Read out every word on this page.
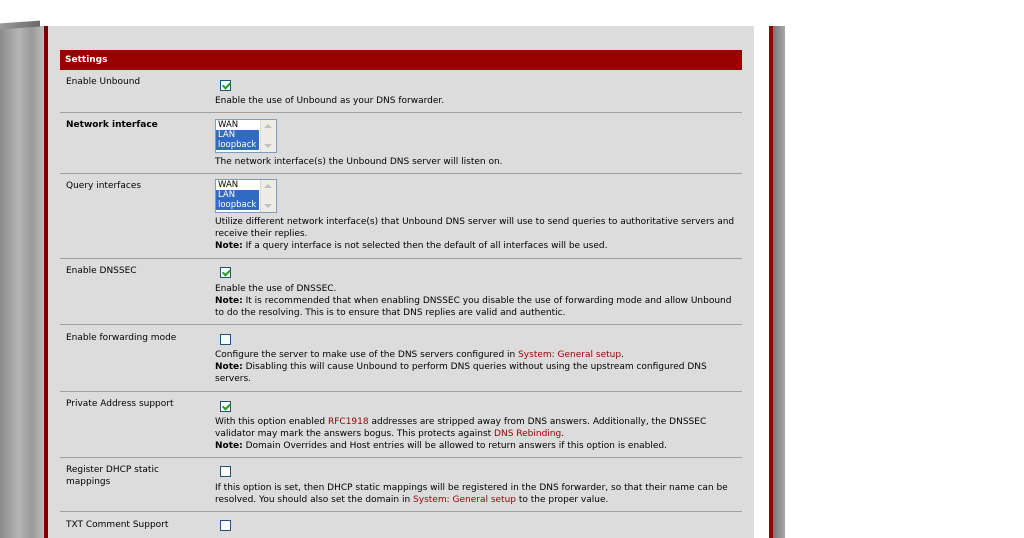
Settings
Enable Unbound
Enable the use of Unbound as your DNS forwarder.
Network interface	WAN
LAN
loopback
The network interface(s) the Unbound DNS server will listen on.
Query interfaces	WAN
LAN
loopback
Utilize different network interface(s) that Unbound DNS server will use to send queries to authoritative servers and receive their replies.
Note: If a query interface is not selected then the default of all interfaces will be used.
Enable DNSSEC
Enable the use of DNSSEC.
Note: It is recommended that when enabling DNSSEC you disable the use of forwarding mode and allow Unbound to do the resolving. This is to ensure that DNS replies are valid and authentic.
Enable forwarding mode
Configure the server to make use of the DNS servers configured in System: General setup.
Note: Disabling this will cause Unbound to perform DNS queries without using the upstream configured DNS servers.
Private Address support
With this option enabled RFC1918 addresses are stripped away from DNS answers. Additionally, the DNSSEC validator may mark the answers bogus. This protects against DNS Rebinding.
Note: Domain Overrides and Host entries will be allowed to return answers if this option is enabled.
Register DHCP static mappings
If this option is set, then DHCP static mappings will be registered in the DNS forwarder, so that their name can be resolved. You should also set the domain in System: General setup to the proper value.
TXT Comment Support
